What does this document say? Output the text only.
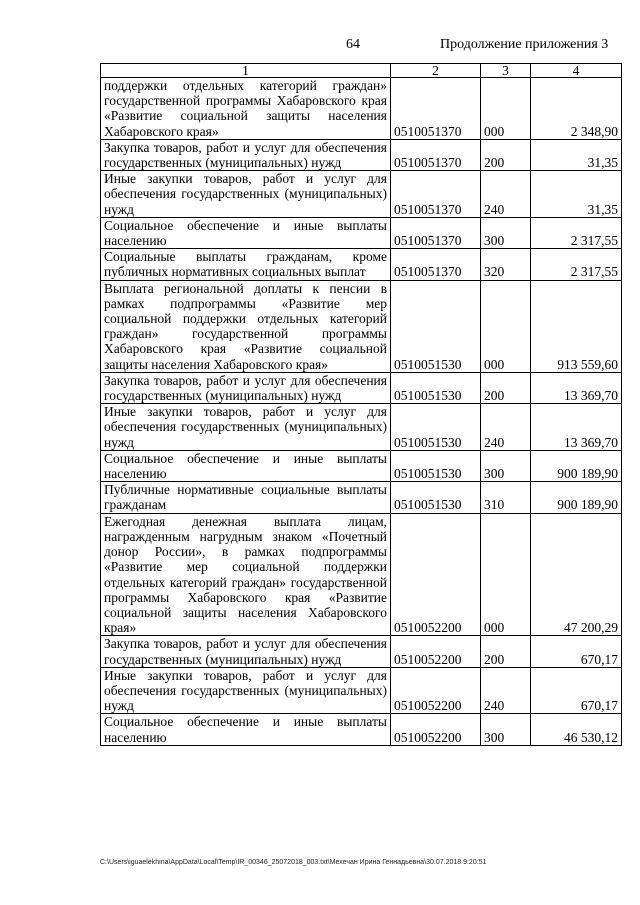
64	Продолжение приложения 3
1	2	3	4
поддержки отдельных категорий граждан» государственной программы Хабаровского края «Развитие социальной защиты населения Хабаровского края»	0510051370	000	2 348,90
Закупка товаров, работ и услуг для обеспечения государственных (муниципальных) нужд	0510051370	200	31,35
Иные закупки товаров, работ и услуг для обеспечения государственных (муниципальных) нужд	0510051370	240	31,35
Социальное обеспечение и иные выплаты населению	0510051370	300	2 317,55
Социальные выплаты гражданам, кроме публичных нормативных социальных выплат	0510051370	320	2 317,55
Выплата региональной доплаты к пенсии в рамках подпрограммы «Развитие мер социальной поддержки отдельных категорий граждан» государственной программы Хабаровского края «Развитие социальной защиты населения Хабаровского края»	0510051530	000	913 559,60
Закупка товаров, работ и услуг для обеспечения государственных (муниципальных) нужд	0510051530	200	13 369,70
Иные закупки товаров, работ и услуг для обеспечения государственных (муниципальных) нужд	0510051530	240	13 369,70
Социальное обеспечение и иные выплаты населению	0510051530	300	900 189,90
Публичные нормативные социальные выплаты гражданам	0510051530	310	900 189,90
Ежегодная денежная выплата лицам, награжденным нагрудным знаком «Почетный донор России», в рамках подпрограммы «Развитие мер социальной поддержки отдельных категорий граждан» государственной программы Хабаровского края «Развитие социальной защиты населения Хабаровского края»	0510052200	000	47 200,29
Закупка товаров, работ и услуг для обеспечения государственных (муниципальных) нужд	0510052200	200	670,17
Иные закупки товаров, работ и услуг для обеспечения государственных (муниципальных) нужд	0510052200	240	670,17
Социальное обеспечение и иные выплаты населению	0510052200	300	46 530,12
C:\Users\iguaelekhina\AppData\Local\Temp\IR_00346_25072018_003.txt\Мехечан Ирина Геннадьевна\30.07.2018 9:20:51
